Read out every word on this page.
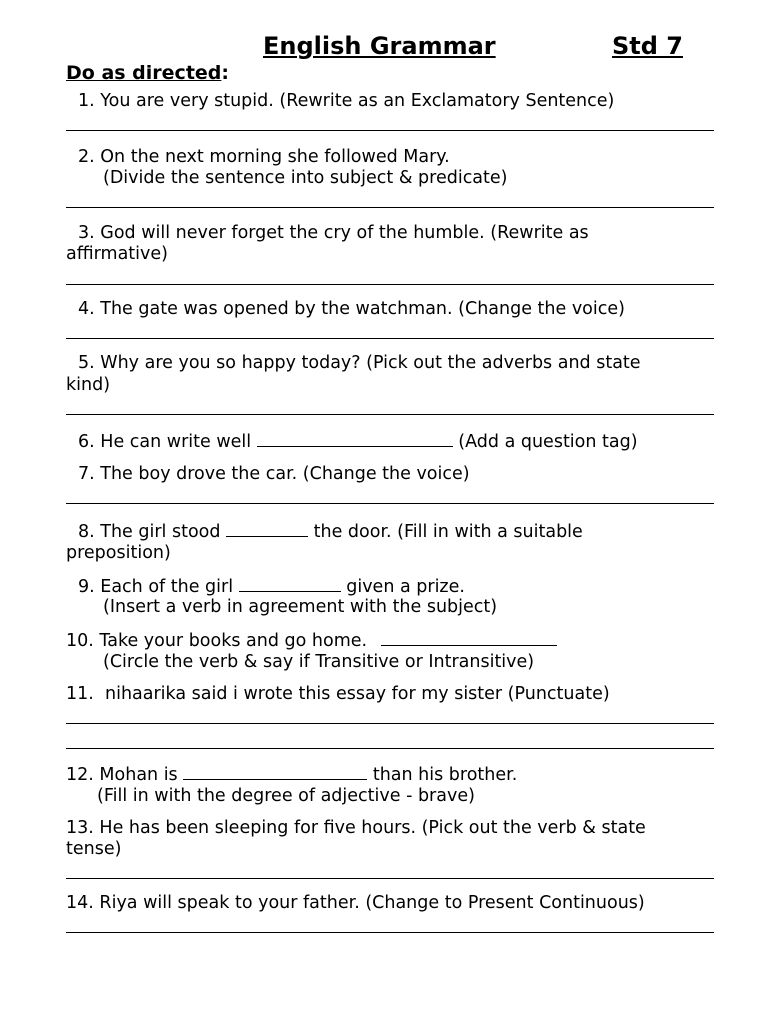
English Grammar	Std 7
Do as directed:
1. You are very stupid. (Rewrite as an Exclamatory Sentence)
2. On the next morning she followed Mary.
(Divide the sentence into subject & predicate)
3. God will never forget the cry of the humble. (Rewrite as
affirmative)
4. The gate was opened by the watchman. (Change the voice)
5. Why are you so happy today? (Pick out the adverbs and state
kind)
6. He can write well	(Add a question tag)
7. The boy drove the car. (Change the voice)
8. The girl stood	the door. (Fill in with a suitable
preposition)
9. Each of the girl	given a prize.
(Insert a verb in agreement with the subject)
10. Take your books and go home.
(Circle the verb & say if Transitive or Intransitive)
11.  nihaarika said i wrote this essay for my sister (Punctuate)
12. Mohan is	than his brother.
(Fill in with the degree of adjective - brave)
13. He has been sleeping for five hours. (Pick out the verb & state
tense)
14. Riya will speak to your father. (Change to Present Continuous)
